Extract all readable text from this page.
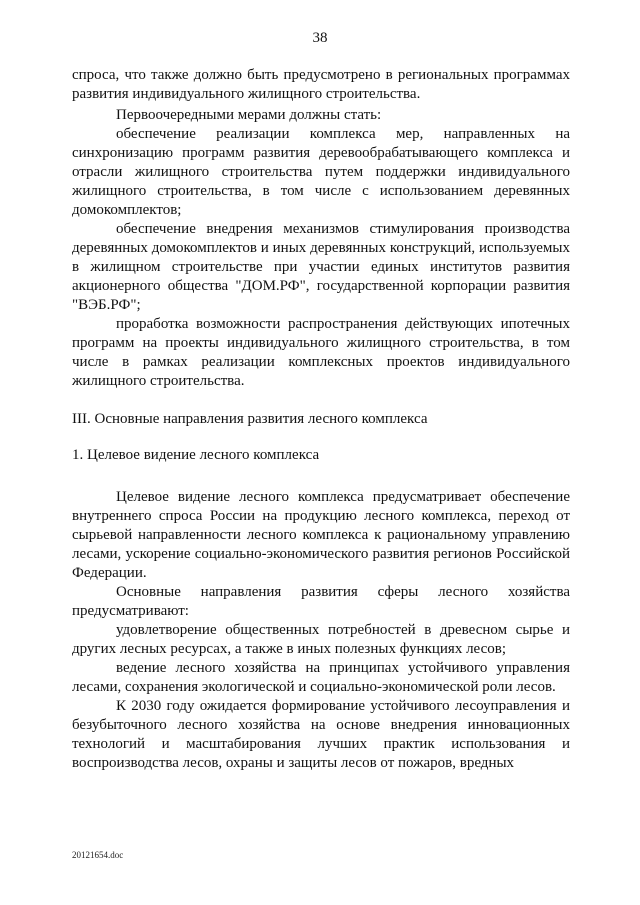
38

спроса, что также должно быть предусмотрено в региональных программах развития индивидуального жилищного строительства.

Первоочередными мерами должны стать:

обеспечение реализации комплекса мер, направленных на синхронизацию программ развития деревообрабатывающего комплекса и отрасли жилищного строительства путем поддержки индивидуального жилищного строительства, в том числе с использованием деревянных домокомплектов;

обеспечение внедрения механизмов стимулирования производства деревянных домокомплектов и иных деревянных конструкций, используемых в жилищном строительстве при участии единых институтов развития акционерного общества "ДОМ.РФ", государственной корпорации развития "ВЭБ.РФ";

проработка возможности распространения действующих ипотечных программ на проекты индивидуального жилищного строительства, в том числе в рамках реализации комплексных проектов индивидуального жилищного строительства.

III. Основные направления развития лесного комплекса

1. Целевое видение лесного комплекса

Целевое видение лесного комплекса предусматривает обеспечение внутреннего спроса России на продукцию лесного комплекса, переход от сырьевой направленности лесного комплекса к рациональному управлению лесами, ускорение социально-экономического развития регионов Российской Федерации.

Основные направления развития сферы лесного хозяйства предусматривают:

удовлетворение общественных потребностей в древесном сырье и других лесных ресурсах, а также в иных полезных функциях лесов;

ведение лесного хозяйства на принципах устойчивого управления лесами, сохранения экологической и социально-экономической роли лесов.

К 2030 году ожидается формирование устойчивого лесоуправления и безубыточного лесного хозяйства на основе внедрения инновационных технологий и масштабирования лучших практик использования и воспроизводства лесов, охраны и защиты лесов от пожаров, вредных

20121654.doc
